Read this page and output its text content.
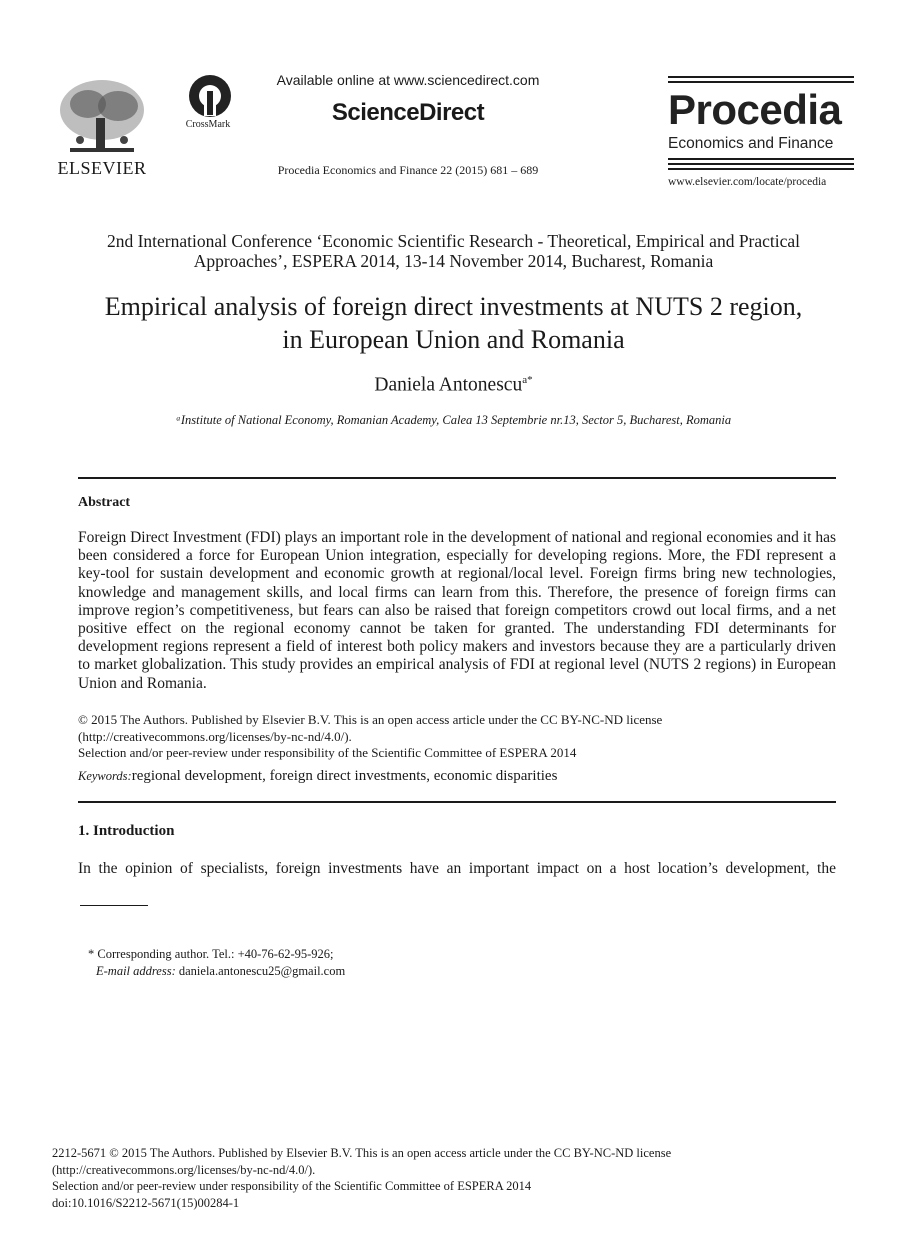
ELSEVIER
CrossMark
Available online at www.sciencedirect.com
ScienceDirect
Procedia Economics and Finance 22 (2015) 681 – 689
Procedia
Economics and Finance
www.elsevier.com/locate/procedia
2nd International Conference ‘Economic Scientific Research - Theoretical, Empirical and Practical Approaches’, ESPERA 2014, 13-14 November 2014, Bucharest, Romania
Empirical analysis of foreign direct investments at NUTS 2 region,
in European Union and Romania
Daniela Antonescu$^{a*}$
ᵃInstitute of National Economy, Romanian Academy, Calea 13 Septembrie nr.13, Sector 5, Bucharest, Romania
Abstract
Foreign Direct Investment (FDI) plays an important role in the development of national and regional economies and it has been considered a force for European Union integration, especially for developing regions. More, the FDI represent a key-tool for sustain development and economic growth at regional/local level. Foreign firms bring new technologies, knowledge and management skills, and local firms can learn from this. Therefore, the presence of foreign firms can improve region’s competitiveness, but fears can also be raised that foreign competitors crowd out local firms, and a net positive effect on the regional economy cannot be taken for granted. The understanding FDI determinants for development regions represent a field of interest both policy makers and investors because they are a particularly driven to market globalization. This study provides an empirical analysis of FDI at regional level (NUTS 2 regions) in European Union and Romania.
© 2015 The Authors. Published by Elsevier B.V. This is an open access article under the CC BY-NC-ND license
(http://creativecommons.org/licenses/by-nc-nd/4.0/).
Selection and/or peer-review under responsibility of the Scientific Committee of ESPERA 2014
Keywords:regional development, foreign direct investments, economic disparities
1. Introduction
In the opinion of specialists, foreign investments have an important impact on a host location’s development, the
* Corresponding author. Tel.: +40-76-62-95-926;
E-mail address: daniela.antonescu25@gmail.com
2212-5671 © 2015 The Authors. Published by Elsevier B.V. This is an open access article under the CC BY-NC-ND license
(http://creativecommons.org/licenses/by-nc-nd/4.0/).
Selection and/or peer-review under responsibility of the Scientific Committee of ESPERA 2014
doi:10.1016/S2212-5671(15)00284-1
